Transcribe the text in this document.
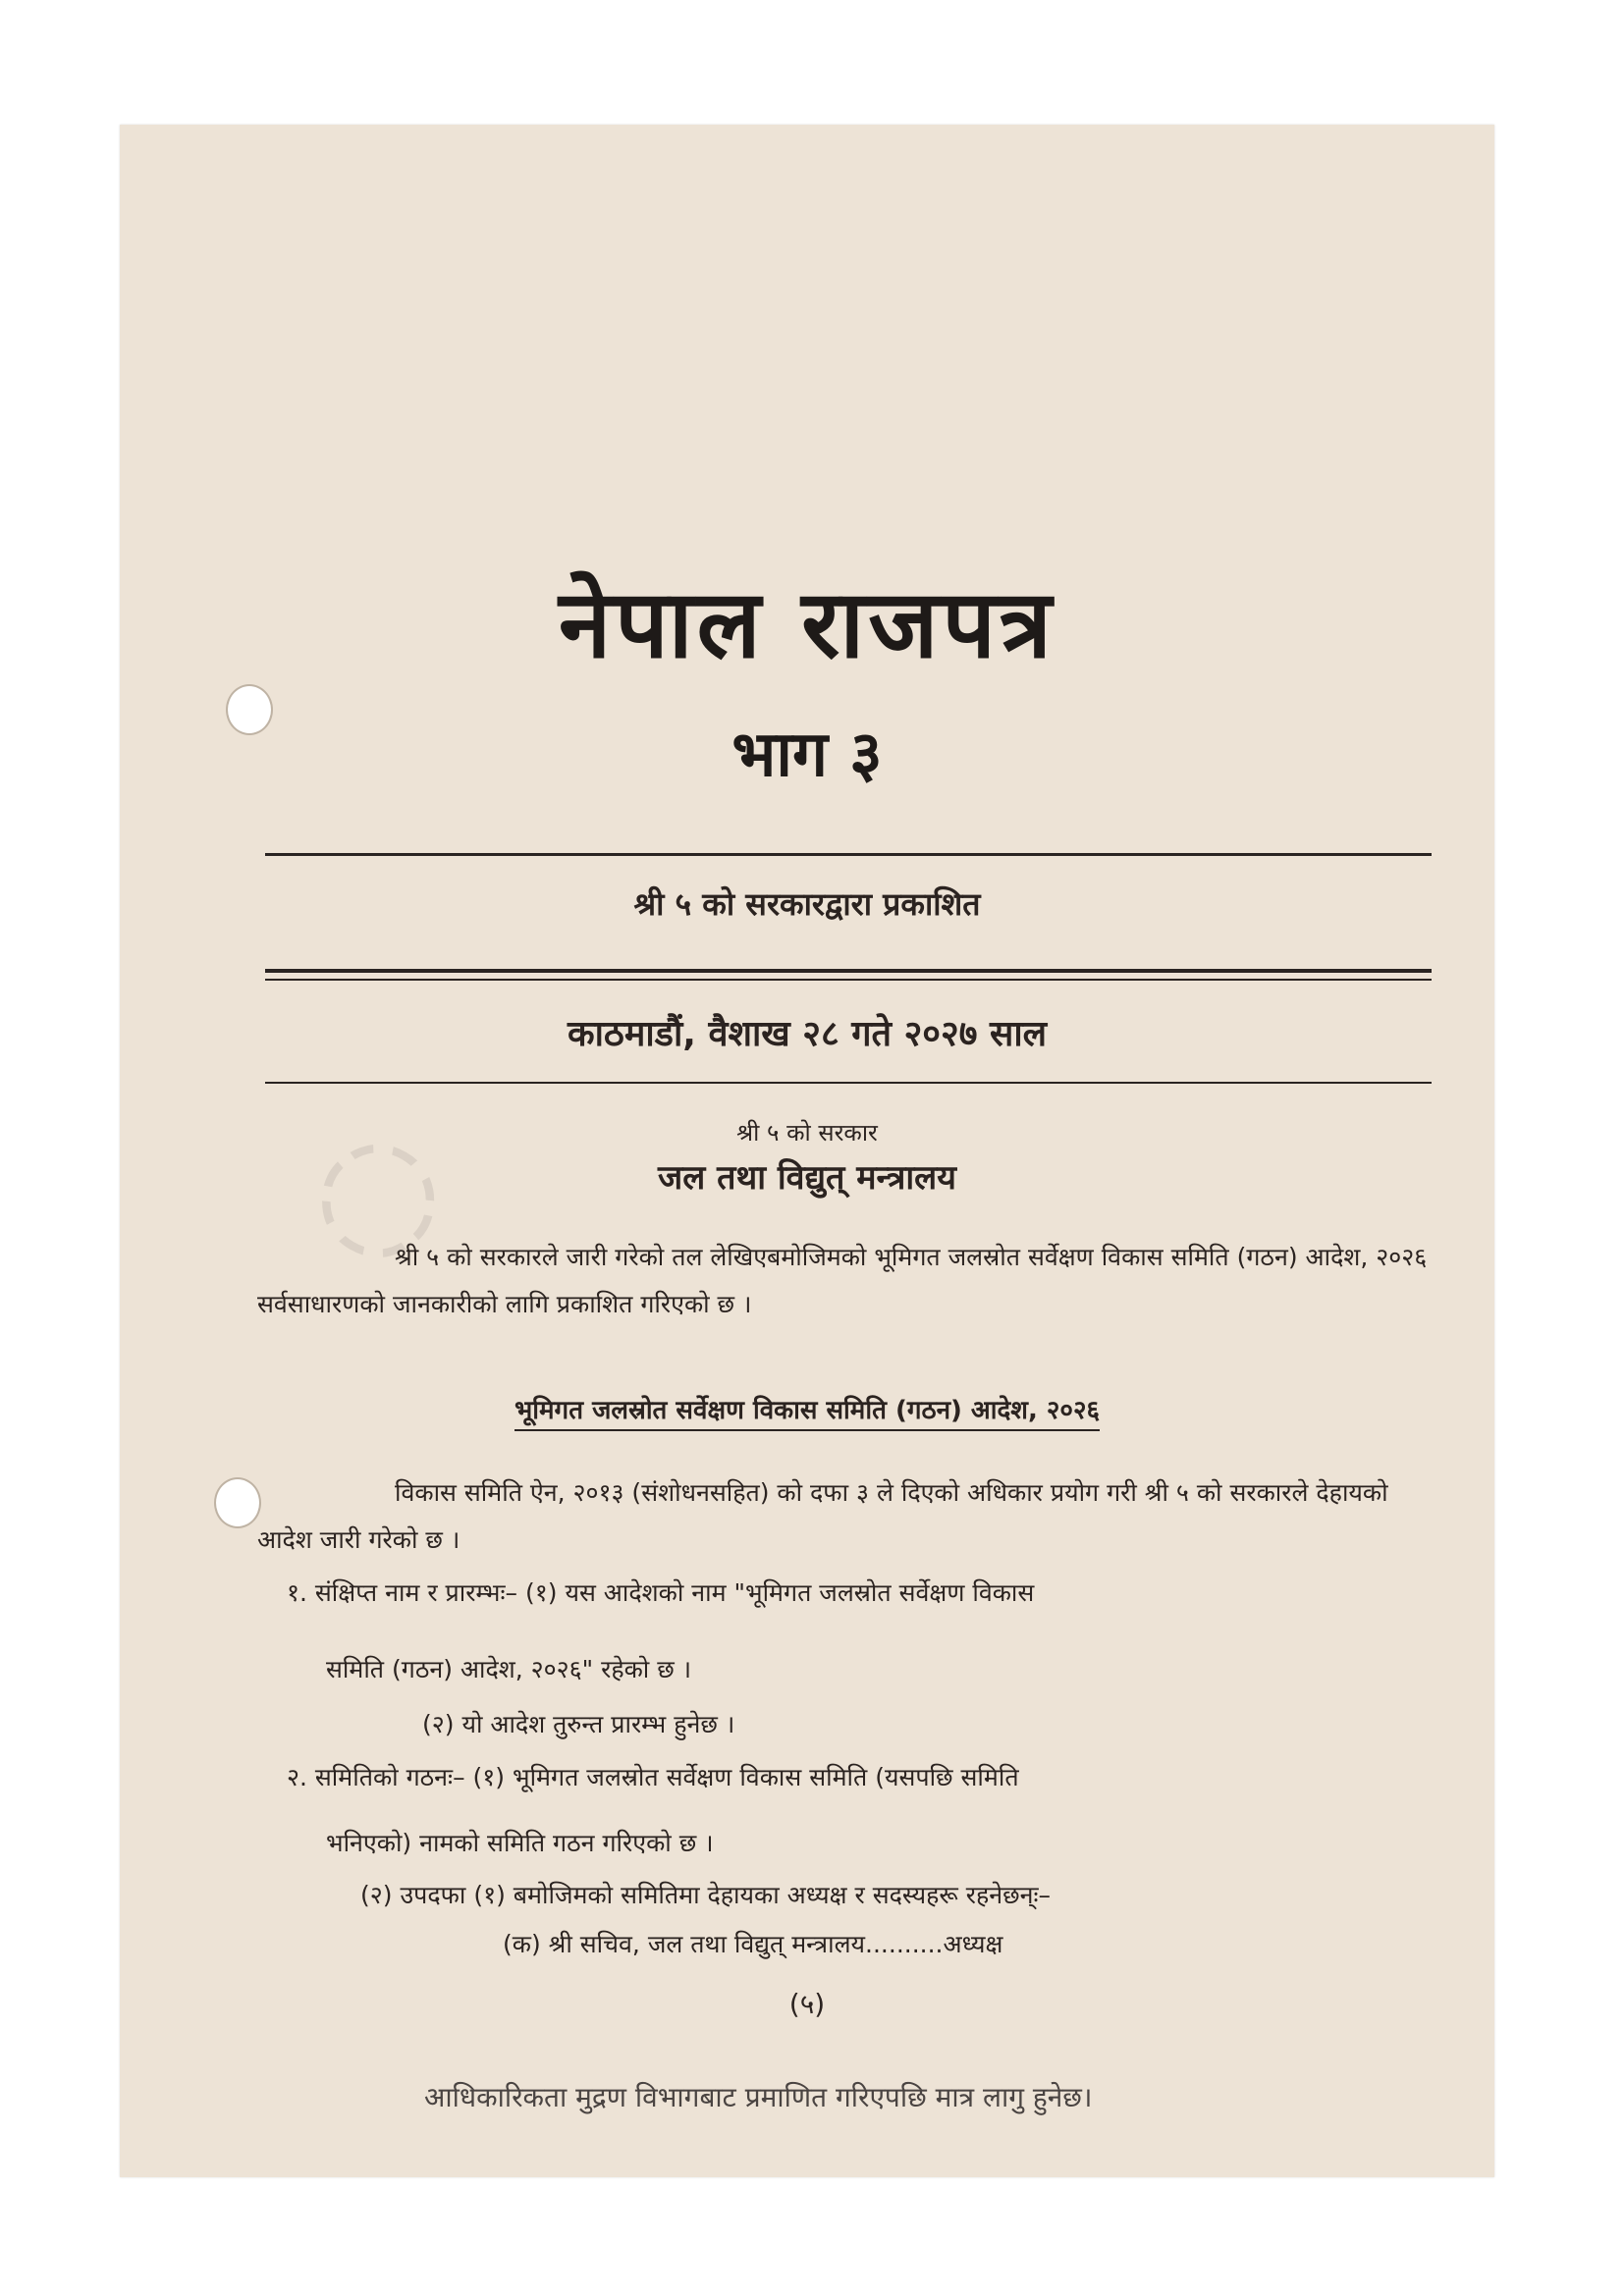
◌
नेपाल राजपत्र
भाग ३
श्री ५ को सरकारद्वारा प्रकाशित
काठमाडौं, वैशाख २८ गते २०२७ साल
श्री ५ को सरकार
जल तथा विद्युत् मन्त्रालय
श्री ५ को सरकारले जारी गरेको तल लेखिएबमोजिमको भूमिगत जलस्रोत सर्वेक्षण विकास समिति (गठन) आदेश, २०२६ सर्वसाधारणको जानकारीको लागि प्रकाशित गरिएको छ ।
भूमिगत जलस्रोत सर्वेक्षण विकास समिति (गठन) आदेश, २०२६
विकास समिति ऐन, २०१३ (संशोधनसहित) को दफा ३ ले दिएको अधिकार प्रयोग गरी श्री ५ को सरकारले देहायको आदेश जारी गरेको छ ।
१. संक्षिप्त नाम र प्रारम्भः– (१) यस आदेशको नाम "भूमिगत जलस्रोत सर्वेक्षण विकास
समिति (गठन) आदेश, २०२६" रहेको छ ।
(२) यो आदेश तुरुन्त प्रारम्भ हुनेछ ।
२. समितिको गठनः– (१) भूमिगत जलस्रोत सर्वेक्षण विकास समिति (यसपछि समिति
भनिएको) नामको समिति गठन गरिएको छ ।
(२) उपदफा (१) बमोजिमको समितिमा देहायका अध्यक्ष र सदस्यहरू रहनेछन्ः–
(क) श्री सचिव, जल तथा विद्युत् मन्त्रालय..........अध्यक्ष
(५)
आधिकारिकता मुद्रण विभागबाट प्रमाणित गरिएपछि मात्र लागु हुनेछ।
